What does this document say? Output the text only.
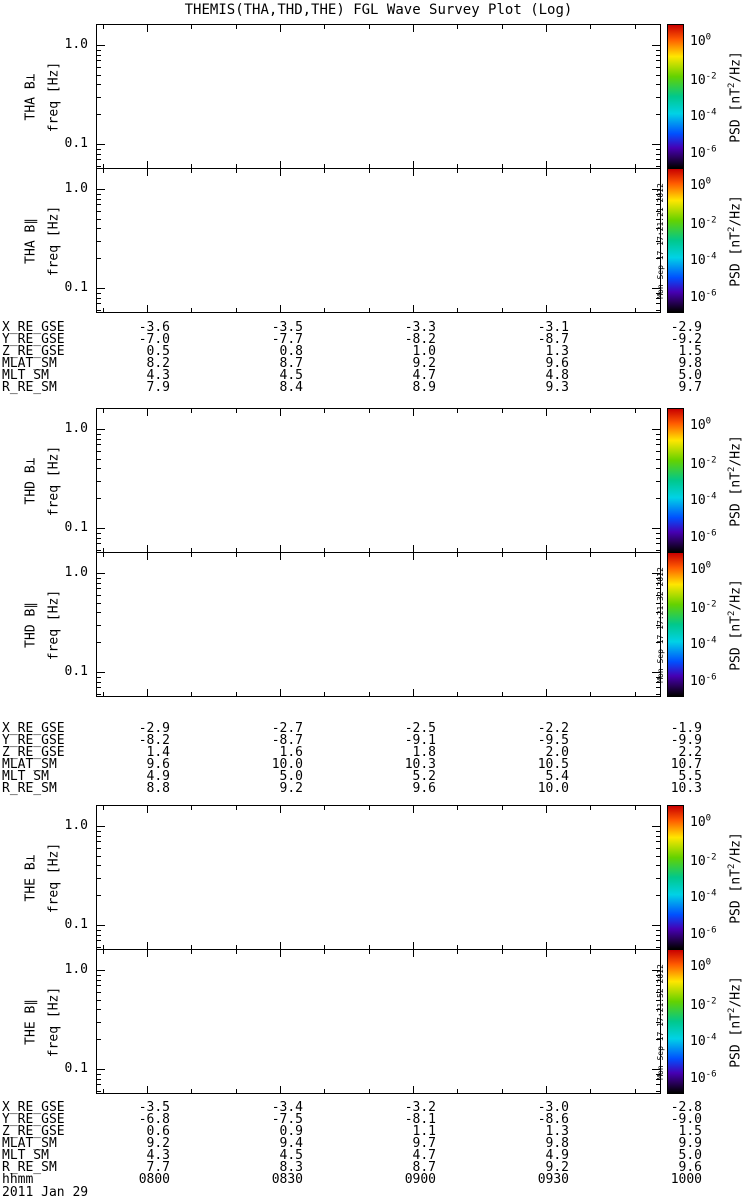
THEMIS(THA,THD,THE) FGL Wave Survey Plot (Log)
hhmm
2011 Jan 29
THA B⊥ freq [Hz]
1.0
0.1
$10^0$
$10^{-2}$
$10^{-4}$
$10^{-6}$
PSD $[nT^2/Hz]$
THA B∥ freq [Hz]
1.0
0.1
$10^0$
$10^{-2}$
$10^{-4}$
$10^{-6}$
PSD $[nT^2/Hz]$
Mon Sep 17 17:21:21 2012
X_RE_GSE	-3.6	-3.5	-3.3	-3.1	-2.9
Y_RE_GSE	-7.0	-7.7	-8.2	-8.7	-9.2
Z_RE_GSE	0.5	0.8	1.0	1.3	1.5
MLAT_SM	8.2	8.7	9.2	9.6	9.8
MLT_SM	4.3	4.5	4.7	4.8	5.0
R_RE_SM	7.9	8.4	8.9	9.3	9.7
THD B⊥ freq [Hz]
1.0
0.1
$10^0$
$10^{-2}$
$10^{-4}$
$10^{-6}$
PSD $[nT^2/Hz]$
THD B∥ freq [Hz]
1.0
0.1
$10^0$
$10^{-2}$
$10^{-4}$
$10^{-6}$
PSD $[nT^2/Hz]$
Mon Sep 17 17:21:32 2012
X_RE_GSE	-2.9	-2.7	-2.5	-2.2	-1.9
Y_RE_GSE	-8.2	-8.7	-9.1	-9.5	-9.9
Z_RE_GSE	1.4	1.6	1.8	2.0	2.2
MLAT_SM	9.6	10.0	10.3	10.5	10.7
MLT_SM	4.9	5.0	5.2	5.4	5.5
R_RE_SM	8.8	9.2	9.6	10.0	10.3
THE B⊥ freq [Hz]
1.0
0.1
$10^0$
$10^{-2}$
$10^{-4}$
$10^{-6}$
PSD $[nT^2/Hz]$
THE B∥ freq [Hz]
1.0
0.1
$10^0$
$10^{-2}$
$10^{-4}$
$10^{-6}$
PSD $[nT^2/Hz]$
Mon Sep 17 17:21:52 2012
X_RE_GSE	-3.5	-3.4	-3.2	-3.0	-2.8
Y_RE_GSE	-6.8	-7.5	-8.1	-8.6	-9.0
Z_RE_GSE	0.6	0.9	1.1	1.3	1.5
MLAT_SM	9.2	9.4	9.7	9.8	9.9
MLT_SM	4.3	4.5	4.7	4.9	5.0
R_RE_SM	7.7	8.3	8.7	9.2	9.6
0800	0830	0900	0930	1000
